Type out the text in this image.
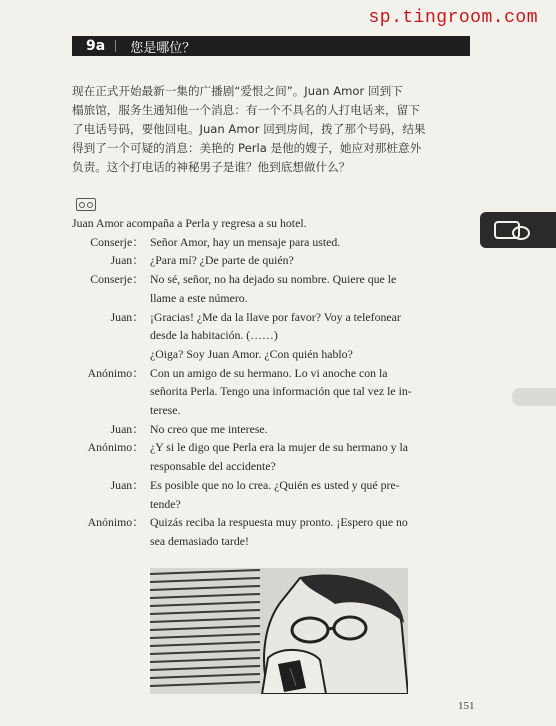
sp.tingroom.com
9a	您是哪位？
现在正式开始最新一集的广播剧“爱恨之间”。Juan Amor 回到下
榻旅馆，服务生通知他一个消息：有一个不具名的人打电话来，留下
了电话号码，要他回电。Juan Amor 回到房间，拨了那个号码，结果
得到了一个可疑的消息：美艳的 Perla 是他的嫂子，她应对那桩意外
负责。这个打电话的神秘男子是谁？他到底想做什么？
Juan Amor acompaña a Perla y regresa a su hotel.
Conserje： Señor Amor, hay un mensaje para usted.
Juan： ¿Para mí? ¿De parte de quién?
Conserje： No sé, señor, no ha dejado su nombre. Quiere que le
llame a este número.
Juan： ¡Gracias! ¿Me da la llave por favor? Voy a telefonear
desde la habitación. (……)
¿Oiga? Soy Juan Amor. ¿Con quién hablo?
Anónimo： Con un amigo de su hermano. Lo vi anoche con la
señorita Perla. Tengo una información que tal vez le in-
terese.
Juan： No creo que me interese.
Anónimo： ¿Y si le digo que Perla era la mujer de su hermano y la
responsable del accidente?
Juan： Es posible que no lo crea. ¿Quién es usted y qué pre-
tende?
Anónimo： Quizás reciba la respuesta muy pronto. ¡Espero que no
sea demasiado tarde!
151
